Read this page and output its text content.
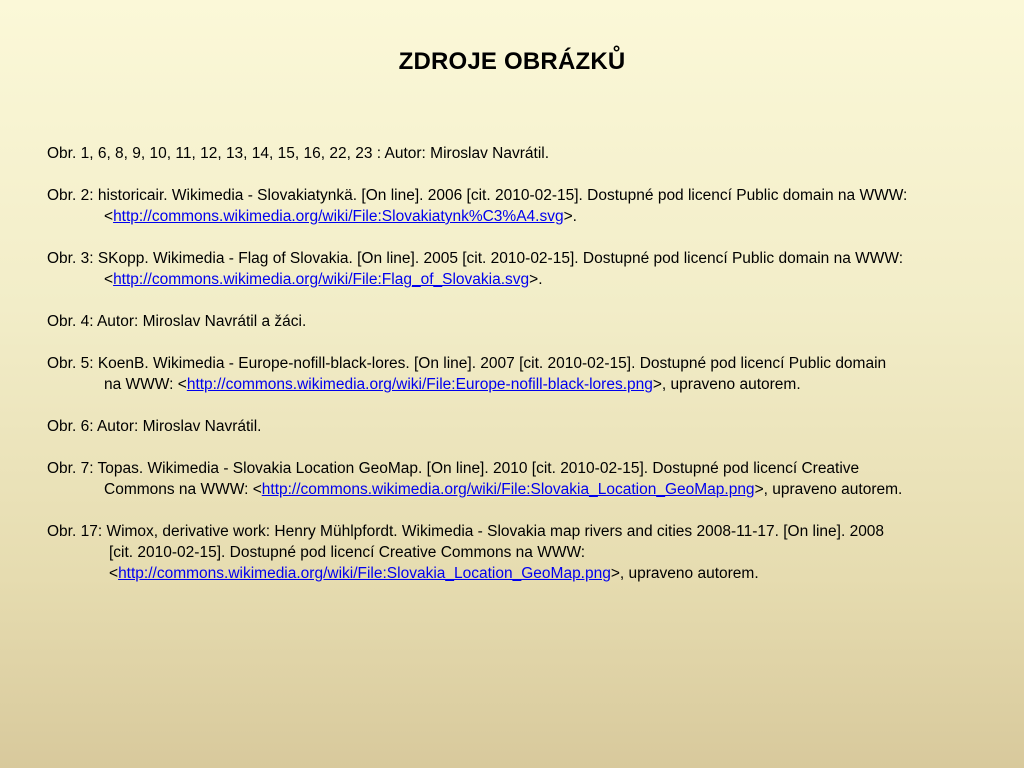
ZDROJE OBRÁZKŮ
Obr. 1, 6, 8, 9, 10, 11, 12, 13, 14, 15, 16, 22, 23 : Autor: Miroslav Navrátil.
Obr. 2: historicair. Wikimedia - Slovakiatynkä. [On line]. 2006 [cit. 2010-02-15]. Dostupné pod licencí Public domain na WWW:
<http://commons.wikimedia.org/wiki/File:Slovakiatynk%C3%A4.svg>.
Obr. 3: SKopp. Wikimedia - Flag of Slovakia. [On line]. 2005 [cit. 2010-02-15]. Dostupné pod licencí Public domain na WWW:
<http://commons.wikimedia.org/wiki/File:Flag_of_Slovakia.svg>.
Obr. 4: Autor: Miroslav Navrátil a žáci.
Obr. 5: KoenB. Wikimedia - Europe-nofill-black-lores. [On line]. 2007 [cit. 2010-02-15]. Dostupné pod licencí Public domain
na WWW: <http://commons.wikimedia.org/wiki/File:Europe-nofill-black-lores.png>, upraveno autorem.
Obr. 6: Autor: Miroslav Navrátil.
Obr. 7: Topas. Wikimedia - Slovakia Location GeoMap. [On line]. 2010 [cit. 2010-02-15]. Dostupné pod licencí Creative
Commons na WWW: <http://commons.wikimedia.org/wiki/File:Slovakia_Location_GeoMap.png>, upraveno autorem.
Obr. 17: Wimox, derivative work: Henry Mühlpfordt. Wikimedia - Slovakia map rivers and cities 2008-11-17. [On line]. 2008
[cit. 2010-02-15]. Dostupné pod licencí Creative Commons na WWW:
<http://commons.wikimedia.org/wiki/File:Slovakia_Location_GeoMap.png>, upraveno autorem.
